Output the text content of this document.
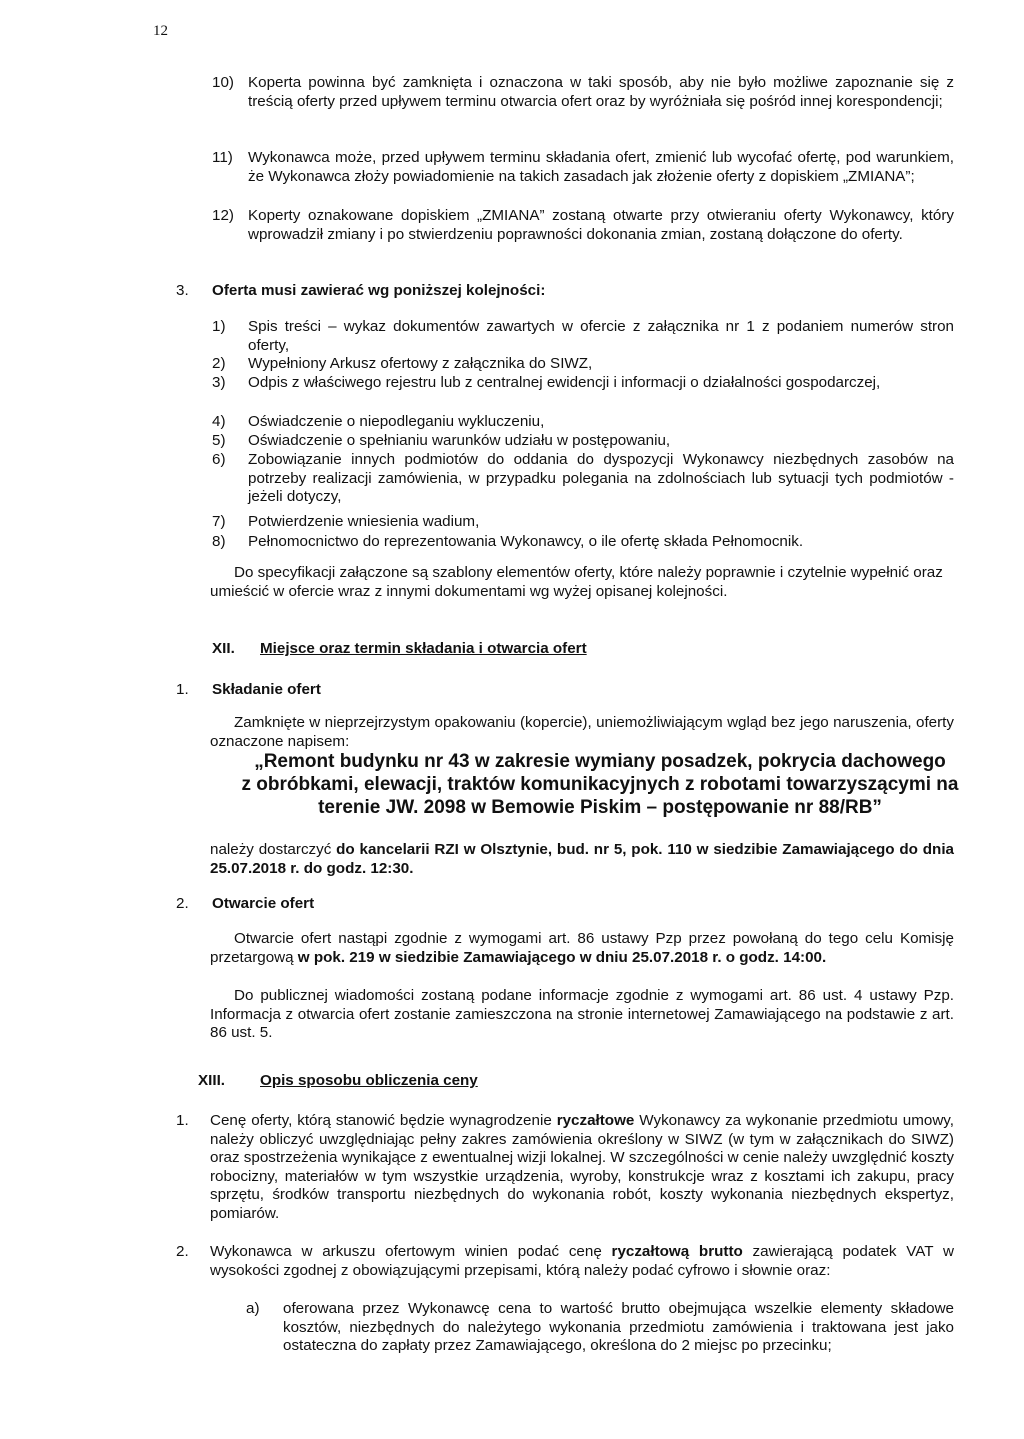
12
10) Koperta powinna być zamknięta i oznaczona w taki sposób, aby nie było możliwe zapoznanie się z treścią oferty przed upływem terminu otwarcia ofert oraz by wyróżniała się pośród innej korespondencji;
11) Wykonawca może, przed upływem terminu składania ofert, zmienić lub wycofać ofertę, pod warunkiem, że Wykonawca złoży powiadomienie na takich zasadach jak złożenie oferty z dopiskiem „ZMIANA”;
12) Koperty oznakowane dopiskiem „ZMIANA” zostaną otwarte przy otwieraniu oferty Wykonawcy, który wprowadził zmiany i po stwierdzeniu poprawności dokonania zmian, zostaną dołączone do oferty.
3. Oferta musi zawierać wg poniższej kolejności:
1) Spis treści – wykaz dokumentów zawartych w ofercie z załącznika nr 1 z podaniem numerów stron oferty,
2) Wypełniony Arkusz ofertowy z załącznika do SIWZ,
3) Odpis z właściwego rejestru lub z centralnej ewidencji i informacji o działalności gospodarczej,
4) Oświadczenie o niepodleganiu wykluczeniu,
5) Oświadczenie o spełnianiu warunków udziału w postępowaniu,
6) Zobowiązanie innych podmiotów do oddania do dyspozycji Wykonawcy niezbędnych zasobów na potrzeby realizacji zamówienia, w przypadku polegania na zdolnościach lub sytuacji tych podmiotów - jeżeli dotyczy,
7) Potwierdzenie wniesienia wadium,
8) Pełnomocnictwo do reprezentowania Wykonawcy, o ile ofertę składa Pełnomocnik.
Do specyfikacji załączone są szablony elementów oferty, które należy poprawnie i czytelnie wypełnić oraz umieścić w ofercie wraz z innymi dokumentami wg wyżej opisanej kolejności.
XII. Miejsce oraz termin składania i otwarcia ofert
1. Składanie ofert
Zamknięte w nieprzejrzystym opakowaniu (kopercie), uniemożliwiającym wgląd bez jego naruszenia, oferty oznaczone napisem:
„Remont budynku nr 43 w zakresie wymiany posadzek, pokrycia dachowego
z obróbkami, elewacji, traktów komunikacyjnych z robotami towarzyszącymi na
terenie JW. 2098 w Bemowie Piskim – postępowanie nr 88/RB”
należy dostarczyć do kancelarii RZI w Olsztynie, bud. nr 5, pok. 110 w siedzibie Zamawiającego do dnia 25.07.2018 r. do godz. 12:30.
2. Otwarcie ofert
Otwarcie ofert nastąpi zgodnie z wymogami art. 86 ustawy Pzp przez powołaną do tego celu Komisję przetargową w pok. 219 w siedzibie Zamawiającego w dniu 25.07.2018 r. o godz. 14:00.
Do publicznej wiadomości zostaną podane informacje zgodnie z wymogami art. 86 ust. 4 ustawy Pzp. Informacja z otwarcia ofert zostanie zamieszczona na stronie internetowej Zamawiającego na podstawie z art. 86 ust. 5.
XIII. Opis sposobu obliczenia ceny
1. Cenę oferty, którą stanowić będzie wynagrodzenie ryczałtowe Wykonawcy za wykonanie przedmiotu umowy, należy obliczyć uwzględniając pełny zakres zamówienia określony w SIWZ (w tym w załącznikach do SIWZ) oraz spostrzeżenia wynikające z ewentualnej wizji lokalnej. W szczególności w cenie należy uwzględnić koszty robocizny, materiałów w tym wszystkie urządzenia, wyroby, konstrukcje wraz z kosztami ich zakupu, pracy sprzętu, środków transportu niezbędnych do wykonania robót, koszty wykonania niezbędnych ekspertyz, pomiarów.
2. Wykonawca w arkuszu ofertowym winien podać cenę ryczałtową brutto zawierającą podatek VAT w wysokości zgodnej z obowiązującymi przepisami, którą należy podać cyfrowo i słownie oraz:
a) oferowana przez Wykonawcę cena to wartość brutto obejmująca wszelkie elementy składowe kosztów, niezbędnych do należytego wykonania przedmiotu zamówienia i traktowana jest jako ostateczna do zapłaty przez Zamawiającego, określona do 2 miejsc po przecinku;
